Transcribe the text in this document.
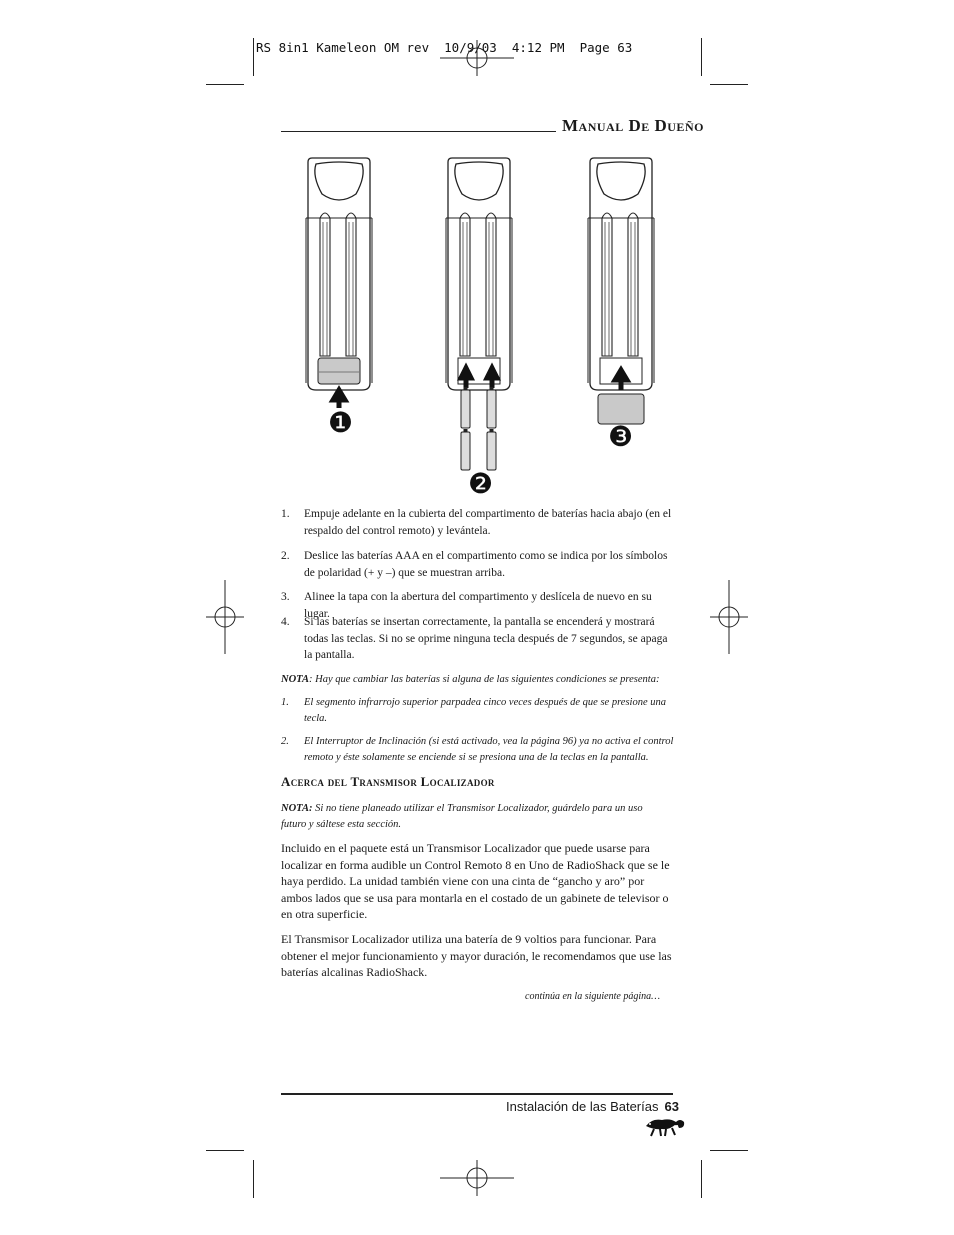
RS 8in1 Kameleon OM rev  10/9/03  4:12 PM  Page 63
Manual De Dueño
❶
❷
❸
1.	Empuje adelante en la cubierta del compartimento de baterías hacia abajo (en el respaldo del control remoto) y levántela.
2.	Deslice las baterías AAA en el compartimento como se indica por los símbolos de polaridad (+ y –) que se muestran arriba.
3.	Alinee la tapa con la abertura del compartimento y deslícela de nuevo en su lugar.
4.	Si las baterías se insertan correctamente, la pantalla se encenderá y mostrará todas las teclas. Si no se oprime ninguna tecla después de 7 segundos, se apaga la pantalla.
NOTA: Hay que cambiar las baterías si alguna de las siguientes condiciones se presenta:
1.	El segmento infrarrojo superior parpadea cinco veces después de que se presione una tecla.
2.	El Interruptor de Inclinación (si está activado, vea la página 96) ya no activa el control remoto y éste solamente se enciende si se presiona una de la teclas en la pantalla.
Acerca del Transmisor Localizador
NOTA: Si no tiene planeado utilizar el Transmisor Localizador, guárdelo para un uso futuro y sáltese esta sección.
Incluido en el paquete está un Transmisor Localizador que puede usarse para localizar en forma audible un Control Remoto 8 en Uno de RadioShack que se le haya perdido. La unidad también viene con una cinta de “gancho y aro” por ambos lados que se usa para montarla en el costado de un gabinete de televisor o en otra superficie.
El Transmisor Localizador utiliza una batería de 9 voltios para funcionar. Para obtener el mejor funcionamiento y mayor duración, le recomendamos que use las baterías alcalinas RadioShack.
continúa en la siguiente página…
Instalación de las Baterías 63
